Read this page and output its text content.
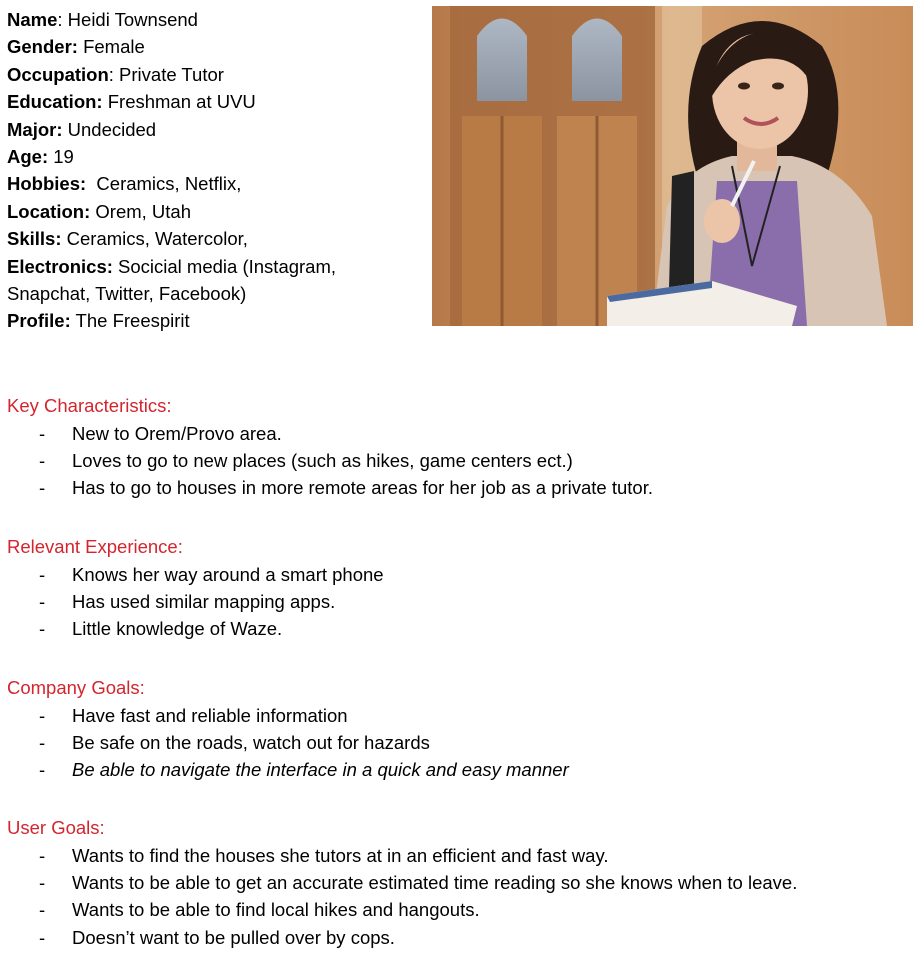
Name: Heidi Townsend
Gender: Female
Occupation: Private Tutor
Education: Freshman at UVU
Major: Undecided
Age: 19
Hobbies: Ceramics, Netflix,
Location: Orem, Utah
Skills: Ceramics, Watercolor,
Electronics: Socicial media (Instagram, Snapchat, Twitter, Facebook)
Profile: The Freespirit
Key Characteristics:
- New to Orem/Provo area.
- Loves to go to new places (such as hikes, game centers ect.)
- Has to go to houses in more remote areas for her job as a private tutor.
Relevant Experience:
- Knows her way around a smart phone
- Has used similar mapping apps.
- Little knowledge of Waze.
Company Goals:
- Have fast and reliable information
- Be safe on the roads, watch out for hazards
- Be able to navigate the interface in a quick and easy manner
User Goals:
- Wants to find the houses she tutors at in an efficient and fast way.
- Wants to be able to get an accurate estimated time reading so she knows when to leave.
- Wants to be able to find local hikes and hangouts.
- Doesn’t want to be pulled over by cops.
